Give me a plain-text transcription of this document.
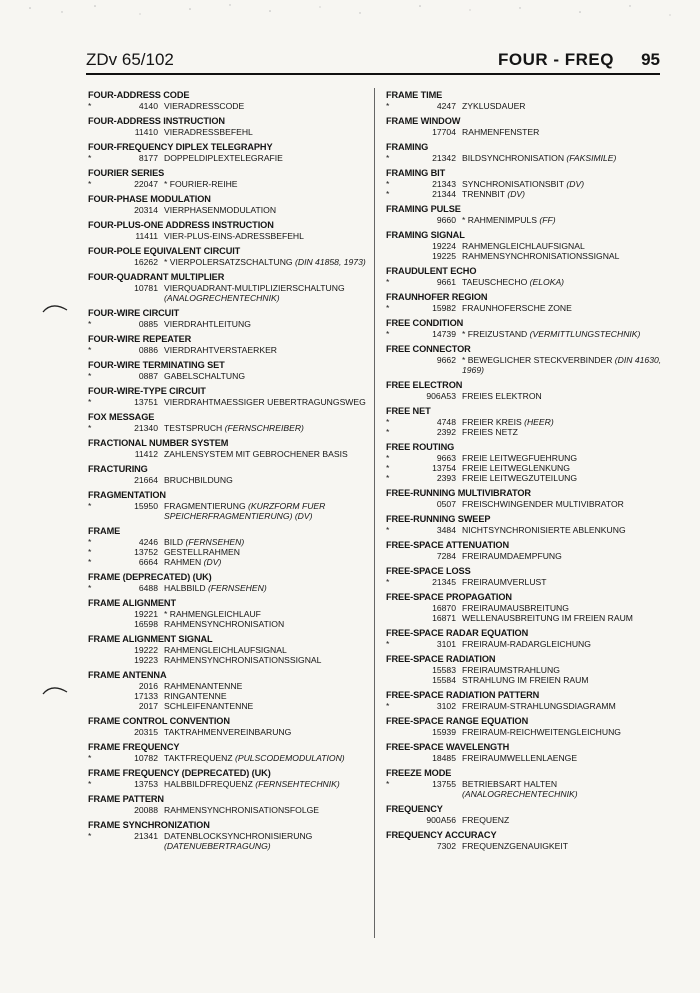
ZDv 65/102	FOUR - FREQ 95
FOUR-ADDRESS CODE
*	4140 VIERADRESSCODE
FOUR-ADDRESS INSTRUCTION
11410 VIERADRESSBEFEHL
FOUR-FREQUENCY DIPLEX TELEGRAPHY
*	8177 DOPPELDIPLEXTELEGRAFIE
FOURIER SERIES
*	22047 * FOURIER-REIHE
FOUR-PHASE MODULATION
20314 VIERPHASENMODULATION
FOUR-PLUS-ONE ADDRESS INSTRUCTION
11411 VIER-PLUS-EINS-ADRESSBEFEHL
FOUR-POLE EQUIVALENT CIRCUIT
16262 * VIERPOLERSATZSCHALTUNG (DIN 41858, 1973)
FOUR-QUADRANT MULTIPLIER
10781 VIERQUADRANT-MULTIPLIZIERSCHALTUNG
(ANALOGRECHENTECHNIK)
FOUR-WIRE CIRCUIT
*	0885 VIERDRAHTLEITUNG
FOUR-WIRE REPEATER
*	0886 VIERDRAHTVERSTAERKER
FOUR-WIRE TERMINATING SET
*	0887 GABELSCHALTUNG
FOUR-WIRE-TYPE CIRCUIT
*	13751 VIERDRAHTMAESSIGER UEBERTRAGUNGSWEG
FOX MESSAGE
*	21340 TESTSPRUCH (FERNSCHREIBER)
FRACTIONAL NUMBER SYSTEM
11412 ZAHLENSYSTEM MIT GEBROCHENER BASIS
FRACTURING
21664 BRUCHBILDUNG
FRAGMENTATION
*	15950 FRAGMENTIERUNG (KURZFORM FUER
SPEICHERFRAGMENTIERUNG) (DV)
FRAME
*	4246 BILD (FERNSEHEN)
*	13752 GESTELLRAHMEN
*	6664 RAHMEN (DV)
FRAME (DEPRECATED) (UK)
*	6488 HALBBILD (FERNSEHEN)
FRAME ALIGNMENT
19221 * RAHMENGLEICHLAUF
16598 RAHMENSYNCHRONISATION
FRAME ALIGNMENT SIGNAL
19222 RAHMENGLEICHLAUFSIGNAL
19223 RAHMENSYNCHRONISATIONSSIGNAL
FRAME ANTENNA
2016 RAHMENANTENNE
17133 RINGANTENNE
2017 SCHLEIFENANTENNE
FRAME CONTROL CONVENTION
20315 TAKTRAHMENVEREINBARUNG
FRAME FREQUENCY
*	10782 TAKTFREQUENZ (PULSCODEMODULATION)
FRAME FREQUENCY (DEPRECATED) (UK)
*	13753 HALBBILDFREQUENZ (FERNSEHTECHNIK)
FRAME PATTERN
20088 RAHMENSYNCHRONISATIONSFOLGE
FRAME SYNCHRONIZATION
*	21341 DATENBLOCKSYNCHRONISIERUNG
(DATENUEBERTRAGUNG)
FRAME TIME
*	4247 ZYKLUSDAUER
FRAME WINDOW
17704 RAHMENFENSTER
FRAMING
*	21342 BILDSYNCHRONISATION (FAKSIMILE)
FRAMING BIT
*	21343 SYNCHRONISATIONSBIT (DV)
*	21344 TRENNBIT (DV)
FRAMING PULSE
9660 * RAHMENIMPULS (FF)
FRAMING SIGNAL
19224 RAHMENGLEICHLAUFSIGNAL
19225 RAHMENSYNCHRONISATIONSSIGNAL
FRAUDULENT ECHO
*	9661 TAEUSCHECHO (ELOKA)
FRAUNHOFER REGION
*	15982 FRAUNHOFERSCHE ZONE
FREE CONDITION
*	14739 * FREIZUSTAND (VERMITTLUNGSTECHNIK)
FREE CONNECTOR
9662 * BEWEGLICHER STECKVERBINDER (DIN 41630,
1969)
FREE ELECTRON
906A53 FREIES ELEKTRON
FREE NET
*	4748 FREIER KREIS (HEER)
*	2392 FREIES NETZ
FREE ROUTING
*	9663 FREIE LEITWEGFUEHRUNG
*	13754 FREIE LEITWEGLENKUNG
*	2393 FREIE LEITWEGZUTEILUNG
FREE-RUNNING MULTIVIBRATOR
0507 FREISCHWINGENDER MULTIVIBRATOR
FREE-RUNNING SWEEP
*	3484 NICHTSYNCHRONISIERTE ABLENKUNG
FREE-SPACE ATTENUATION
7284 FREIRAUMDAEMPFUNG
FREE-SPACE LOSS
*	21345 FREIRAUMVERLUST
FREE-SPACE PROPAGATION
16870 FREIRAUMAUSBREITUNG
16871 WELLENAUSBREITUNG IM FREIEN RAUM
FREE-SPACE RADAR EQUATION
*	3101 FREIRAUM-RADARGLEICHUNG
FREE-SPACE RADIATION
15583 FREIRAUMSTRAHLUNG
15584 STRAHLUNG IM FREIEN RAUM
FREE-SPACE RADIATION PATTERN
*	3102 FREIRAUM-STRAHLUNGSDIAGRAMM
FREE-SPACE RANGE EQUATION
15939 FREIRAUM-REICHWEITENGLEICHUNG
FREE-SPACE WAVELENGTH
18485 FREIRAUMWELLENLAENGE
FREEZE MODE
*	13755 BETRIEBSART HALTEN
(ANALOGRECHENTECHNIK)
FREQUENCY
900A56 FREQUENZ
FREQUENCY ACCURACY
7302 FREQUENZGENAUIGKEIT
